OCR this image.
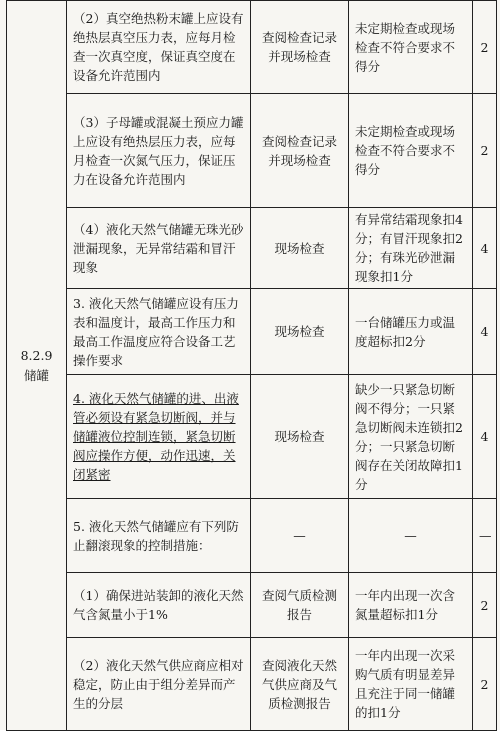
8.2.9
储罐	（2）真空绝热粉末罐上应设有绝热层真空压力表，应每月检查一次真空度，保证真空度在设备允许范围内	查阅检查记录并现场检查	未定期检查或现场检查不符合要求不得分	2
	（3）子母罐或混凝土预应力罐上应设有绝热层压力表，应每月检查一次氮气压力，保证压力在设备允许范围内	查阅检查记录并现场检查	未定期检查或现场检查不符合要求不得分	2
	（4）液化天然气储罐无珠光砂泄漏现象，无异常结霜和冒汗现象	现场检查	有异常结霜现象扣4分；有冒汗现象扣2分；有珠光砂泄漏现象扣1分	4
	3. 液化天然气储罐应设有压力表和温度计，最高工作压力和最高工作温度应符合设备工艺操作要求	现场检查	一台储罐压力或温度超标扣2分	4
	4. 液化天然气储罐的进、出液管必须设有紧急切断阀，并与储罐液位控制连锁，紧急切断阀应操作方便，动作迅速，关闭紧密	现场检查	缺少一只紧急切断阀不得分；一只紧急切断阀未连锁扣2分；一只紧急切断阀存在关闭故障扣1分	4
	5. 液化天然气储罐应有下列防止翻滚现象的控制措施：	—	—	—
	（1）确保进站装卸的液化天然气含氮量小于1%	查阅气质检测报告	一年内出现一次含氮量超标扣1分	2
	（2）液化天然气供应商应相对稳定，防止由于组分差异而产生的分层	查阅液化天然气供应商及气质检测报告	一年内出现一次采购气质有明显差异且充注于同一储罐的扣1分	2
